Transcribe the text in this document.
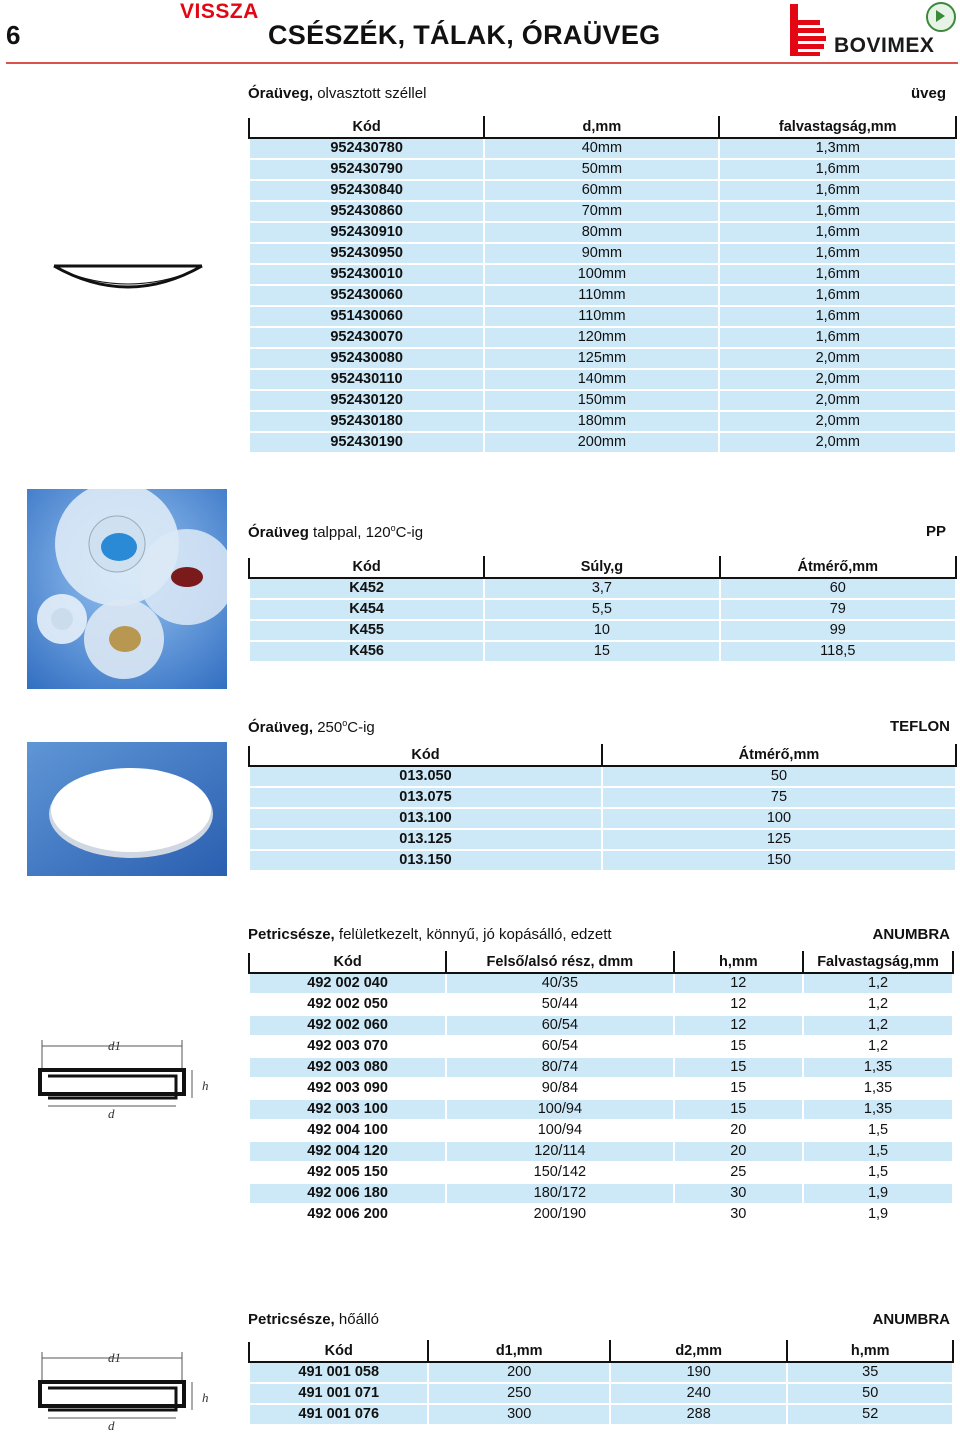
6
VISSZA
CSÉSZÉK, TÁLAK, ÓRAÜVEG	BOVIMEX
Óraüveg, olvasztott széllel	üveg
Kód	d,mm	falvastagság,mm
952430780	40mm	1,3mm
952430790	50mm	1,6mm
952430840	60mm	1,6mm
952430860	70mm	1,6mm
952430910	80mm	1,6mm
952430950	90mm	1,6mm
952430010	100mm	1,6mm
952430060	110mm	1,6mm
951430060	110mm	1,6mm
952430070	120mm	1,6mm
952430080	125mm	2,0mm
952430110	140mm	2,0mm
952430120	150mm	2,0mm
952430180	180mm	2,0mm
952430190	200mm	2,0mm
Óraüveg talppal, 120$^o$C-ig	PP
Kód	Súly,g	Átmérő,mm
K452	3,7	60
K454	5,5	79
K455	10	99
K456	15	118,5
Óraüveg, 250$^o$C-ig	TEFLON
Kód	Átmérő,mm
013.050	50
013.075	75
013.100	100
013.125	125
013.150	150
Petricsésze, felületkezelt, könnyű, jó kopásálló, edzett	ANUMBRA
d1
h
d
Kód	Felső/alsó rész, dmm	h,mm	Falvastagság,mm
492 002 040	40/35	12	1,2
492 002 050	50/44	12	1,2
492 002 060	60/54	12	1,2
492 003 070	60/54	15	1,2
492 003 080	80/74	15	1,35
492 003 090	90/84	15	1,35
492 003 100	100/94	15	1,35
492 004 100	100/94	20	1,5
492 004 120	120/114	20	1,5
492 005 150	150/142	25	1,5
492 006 180	180/172	30	1,9
492 006 200	200/190	30	1,9
Petricsésze, hőálló	ANUMBRA
d1
h
d
Kód	d1,mm	d2,mm	h,mm
491 001 058	200	190	35
491 001 071	250	240	50
491 001 076	300	288	52
